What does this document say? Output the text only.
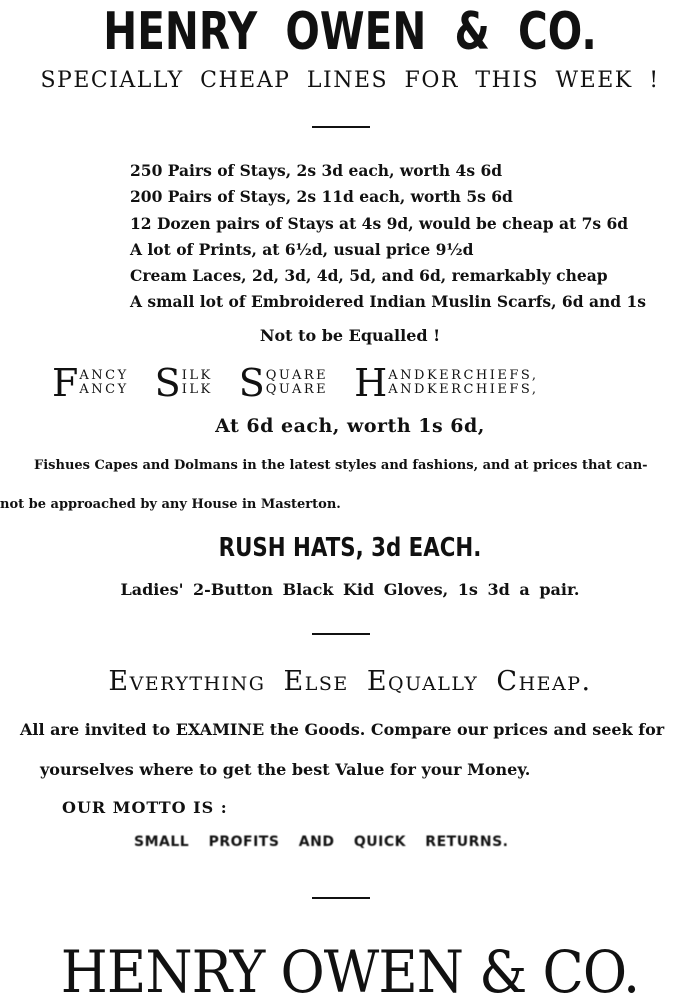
HENRY OWEN & CO.
SPECIALLY CHEAP LINES FOR THIS WEEK !
250 Pairs of Stays, 2s 3d each, worth 4s 6d
200 Pairs of Stays, 2s 11d each, worth 5s 6d
12 Dozen pairs of Stays at 4s 9d, would be cheap at 7s 6d
A lot of Prints, at 6½d, usual price 9½d
Cream Laces, 2d, 3d, 4d, 5d, and 6d, remarkably cheap
A small lot of Embroidered Indian Muslin Scarfs, 6d and 1s
Not to be Equalled !
F ANCY
ANCY S ILK
ILK S QUARE
QUARE H ANDKERCHIEFS,
ANDKERCHIEFS,
At 6d each, worth 1s 6d,
Fishues Capes and Dolmans in the latest styles and fashions, and at prices that can-
not be approached by any House in Masterton.
RUSH HATS, 3d EACH.
Ladies' 2-Button Black Kid Gloves, 1s 3d a pair.
Everything Else Equally Cheap.
All are invited to EXAMINE the Goods. Compare our prices and seek for
yourselves where to get the best Value for your Money.
OUR MOTTO IS :
SMALL PROFITS AND QUICK RETURNS.
HENRY OWEN & CO.
